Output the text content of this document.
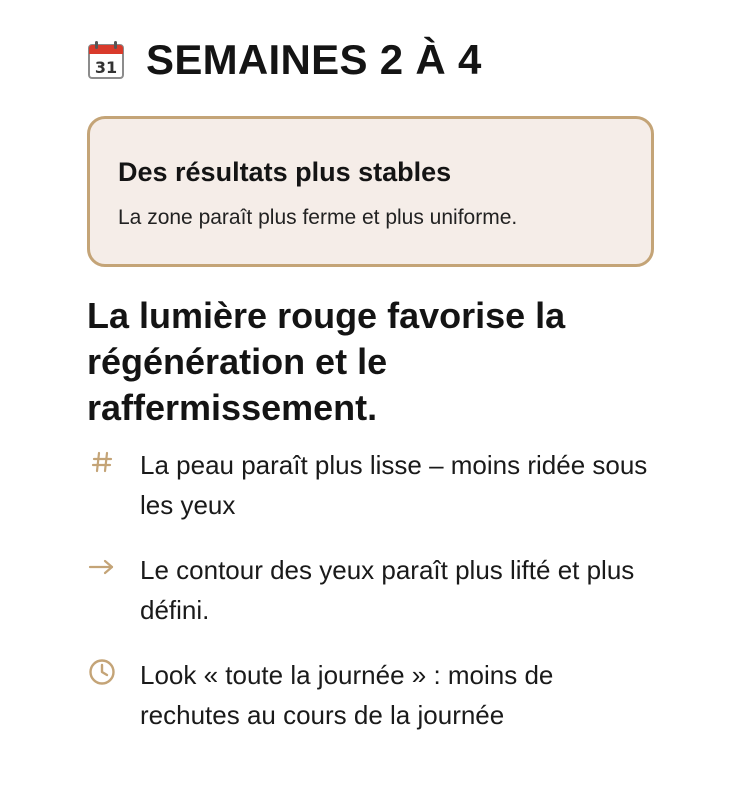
31 SEMAINES 2 À 4
Des résultats plus stables
La zone paraît plus ferme et plus uniforme.
La lumière rouge favorise la régénération et le raffermissement.
La peau paraît plus lisse – moins ridée sous les yeux
Le contour des yeux paraît plus lifté et plus défini.
Look « toute la journée » : moins de rechutes au cours de la journée
